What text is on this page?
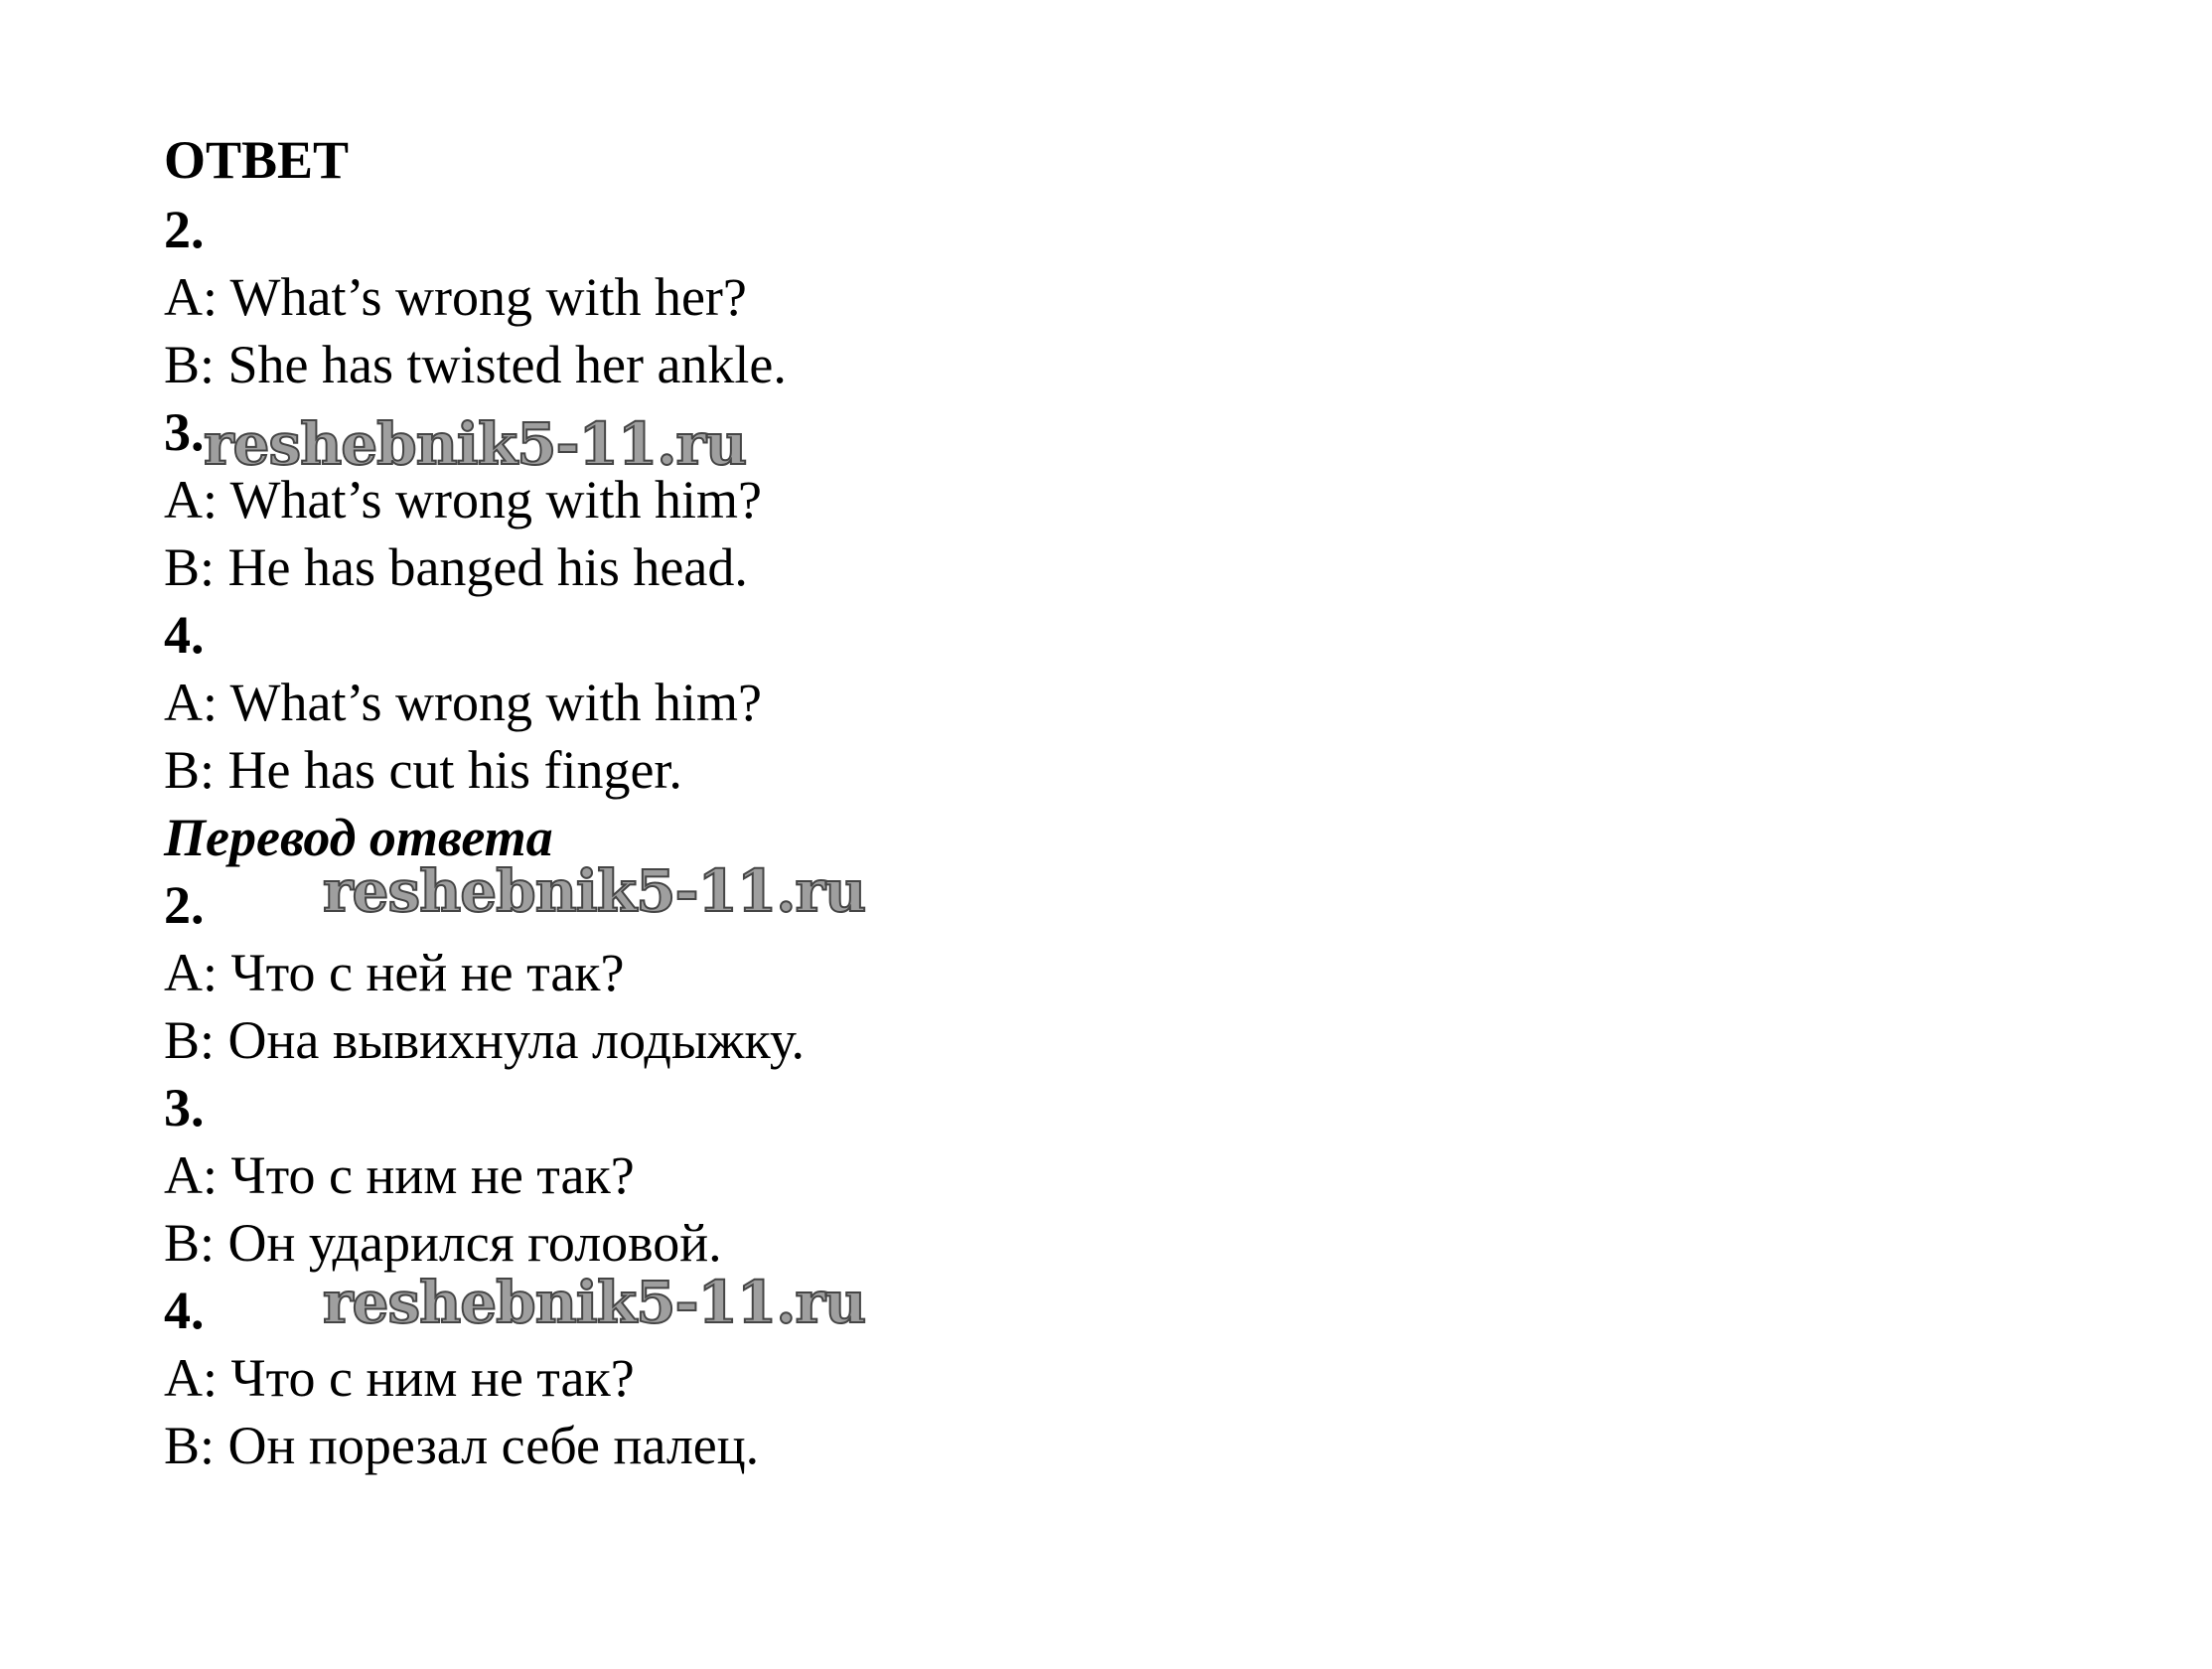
ОТВЕТ
2.
A: What’s wrong with her?
B: She has twisted her ankle.
3.
A: What’s wrong with him?
B: He has banged his head.
4.
A: What’s wrong with him?
B: He has cut his finger.
Перевод ответа
2.
A: Что с ней не так?
B: Она вывихнула лодыжку.
3.
A: Что с ним не так?
B: Он ударился головой.
4.
A: Что с ним не так?
B: Он порезал себе палец.
reshebnik5-11.ru
reshebnik5-11.ru
reshebnik5-11.ru
